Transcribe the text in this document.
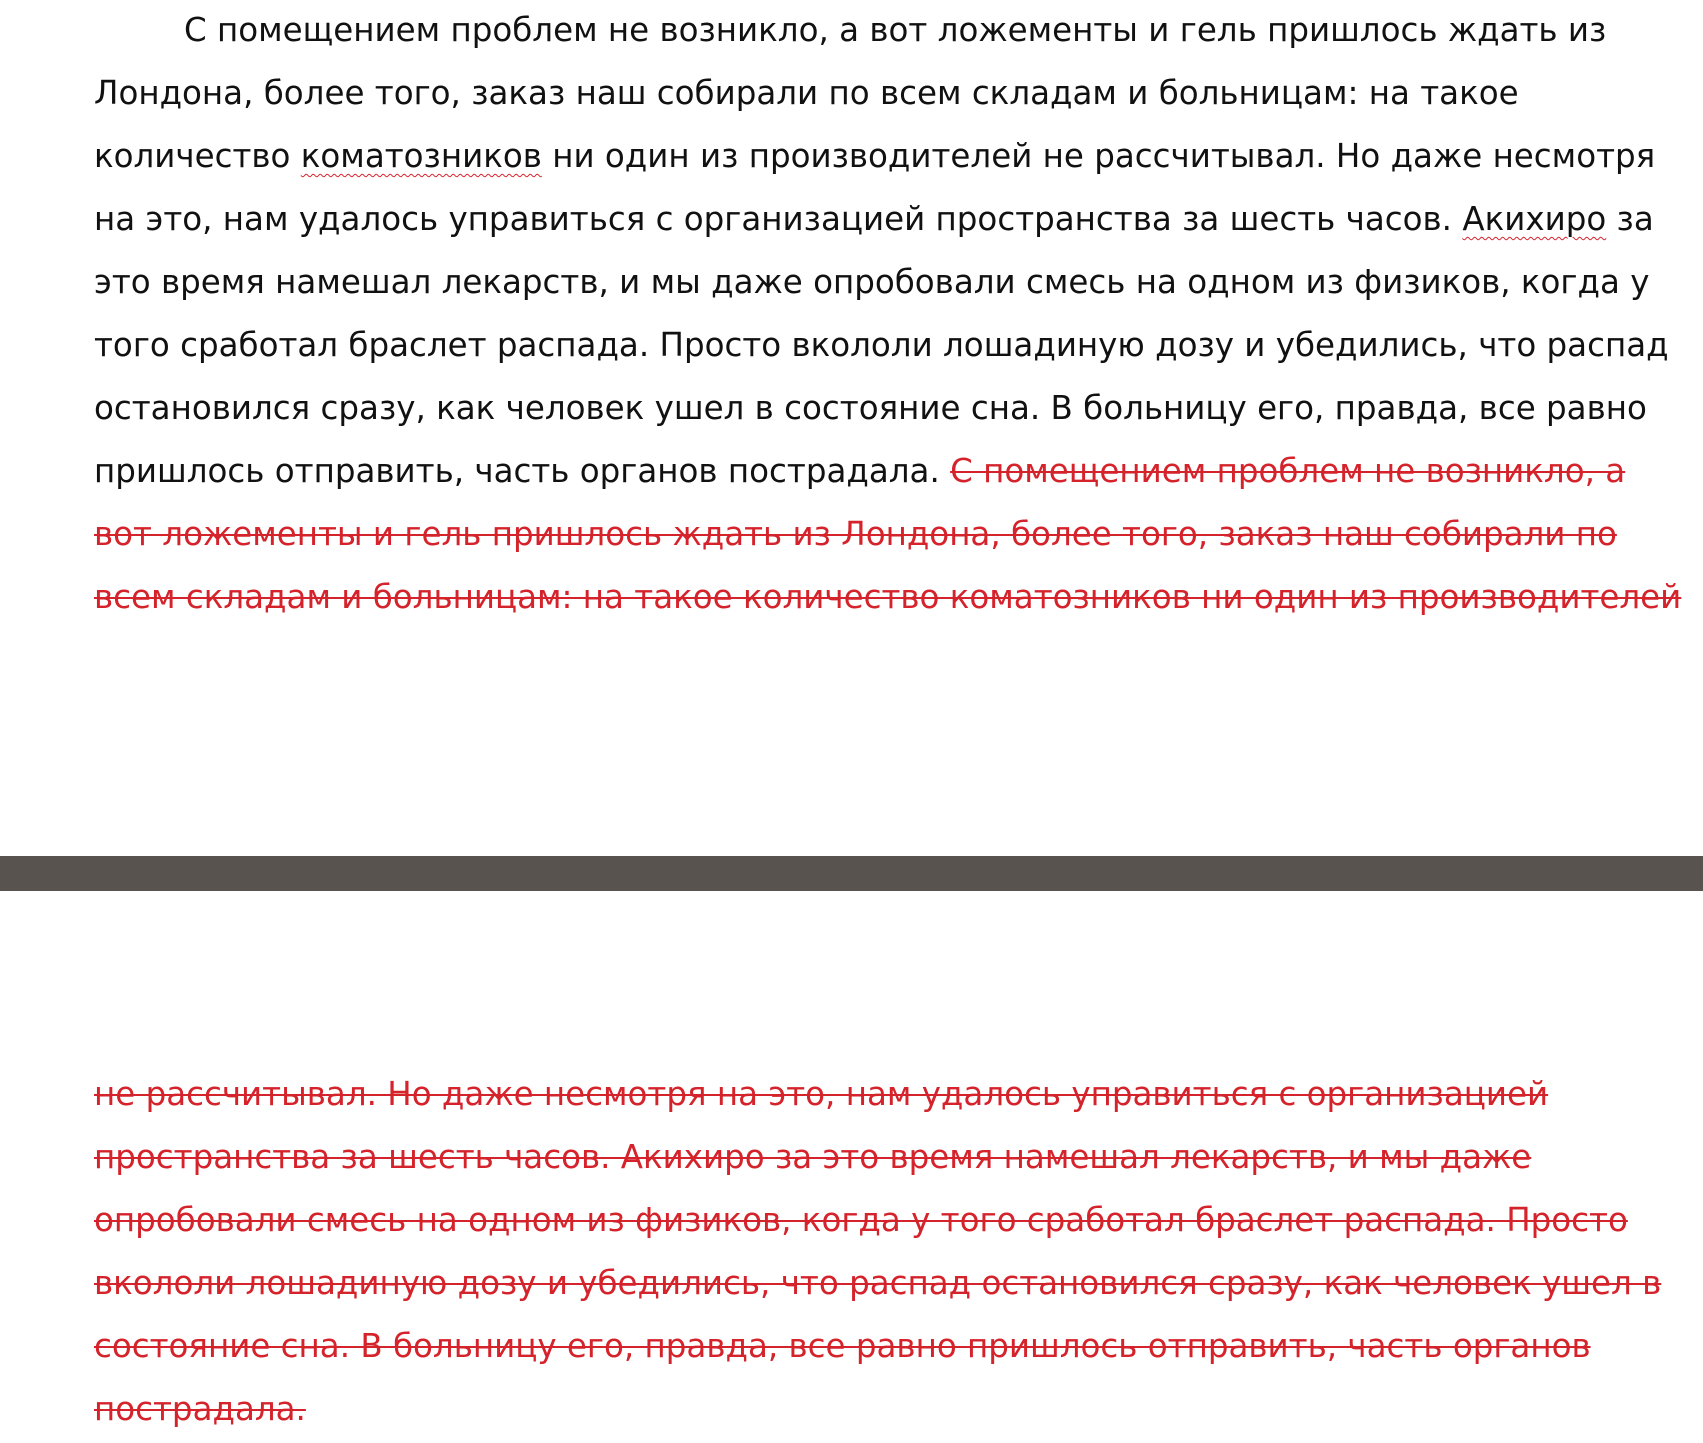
С помещением проблем не возникло, а вот ложементы и гель пришлось ждать из
Лондона, более того, заказ наш собирали по всем складам и больницам: на такое
количество коматозников ни один из производителей не рассчитывал. Но даже несмотря
на это, нам удалось управиться с организацией пространства за шесть часов. Акихиро за
это время намешал лекарств, и мы даже опробовали смесь на одном из физиков, когда у
того сработал браслет распада. Просто вкололи лошадиную дозу и убедились, что распад
остановился сразу, как человек ушел в состояние сна. В больницу его, правда, все равно
пришлось отправить, часть органов пострадала. С помещением проблем не возникло, а
вот ложементы и гель пришлось ждать из Лондона, более того, заказ наш собирали по
всем складам и больницам: на такое количество коматозников ни один из производителей
не рассчитывал. Но даже несмотря на это, нам удалось управиться с организацией
пространства за шесть часов. Акихиро за это время намешал лекарств, и мы даже
опробовали смесь на одном из физиков, когда у того сработал браслет распада. Просто
вкололи лошадиную дозу и убедились, что распад остановился сразу, как человек ушел в
состояние сна. В больницу его, правда, все равно пришлось отправить, часть органов
пострадала.
